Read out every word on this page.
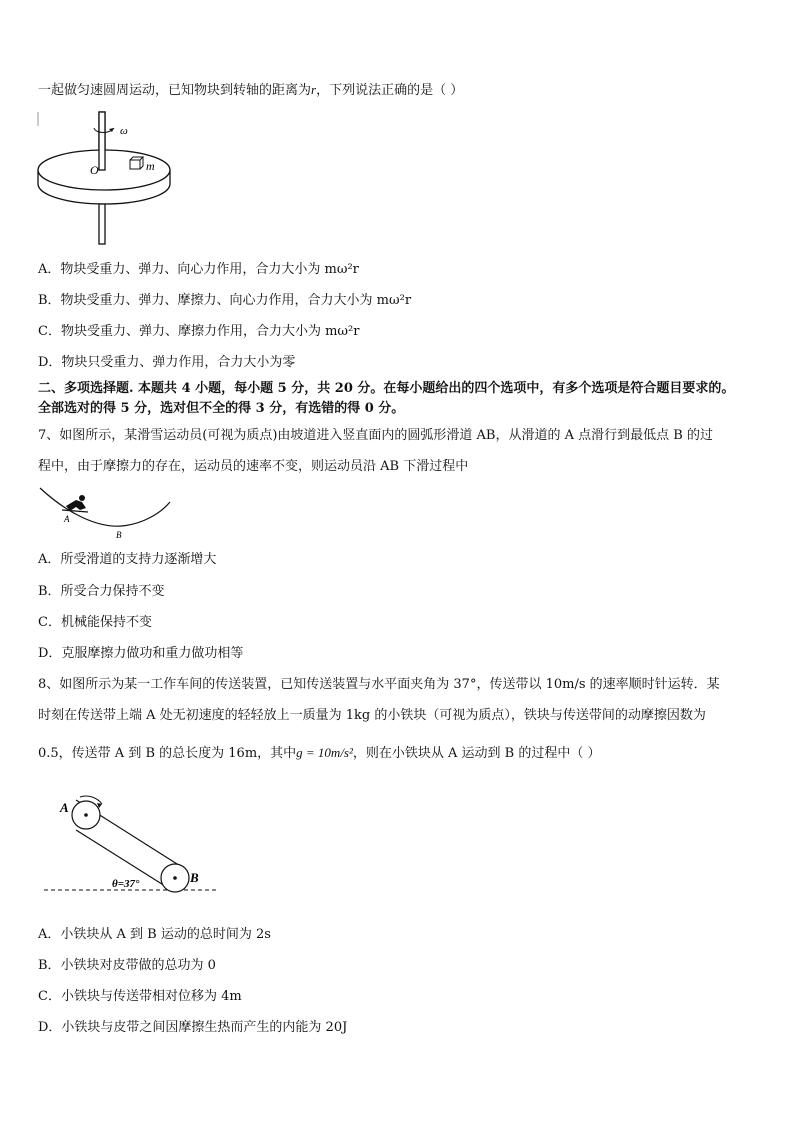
一起做匀速圆周运动，已知物块到转轴的距离为r，下列说法正确的是（ ）
ω
O	m
A．物块受重力、弹力、向心力作用，合力大小为 mω²r
B．物块受重力、弹力、摩擦力、向心力作用，合力大小为 mω²r
C．物块受重力、弹力、摩擦力作用，合力大小为 mω²r
D．物块只受重力、弹力作用，合力大小为零
二、多项选择题. 本题共 4 小题，每小题 5 分，共 20 分。在每小题给出的四个选项中，有多个选项是符合题目要求的。
全部选对的得 5 分，选对但不全的得 3 分，有选错的得 0 分。
7、如图所示，某滑雪运动员(可视为质点)由坡道进入竖直面内的圆弧形滑道 AB，从滑道的 A 点滑行到最低点 B 的过
程中，由于摩擦力的存在，运动员的速率不变，则运动员沿 AB 下滑过程中
A
B
A．所受滑道的支持力逐渐增大
B．所受合力保持不变
C．机械能保持不变
D．克服摩擦力做功和重力做功相等
8、如图所示为某一工作车间的传送装置，已知传送装置与水平面夹角为 37°，传送带以 10m/s 的速率顺时针运转．某
时刻在传送带上端 A 处无初速度的轻轻放上一质量为 1kg 的小铁块（可视为质点），铁块与传送带间的动摩擦因数为
0.5，传送带 A 到 B 的总长度为 16m，其中g = 10m/s²，则在小铁块从 A 运动到 B 的过程中（ ）
A
B
θ=37°
A．小铁块从 A 到 B 运动的总时间为 2s
B．小铁块对皮带做的总功为 0
C．小铁块与传送带相对位移为 4m
D．小铁块与皮带之间因摩擦生热而产生的内能为 20J
